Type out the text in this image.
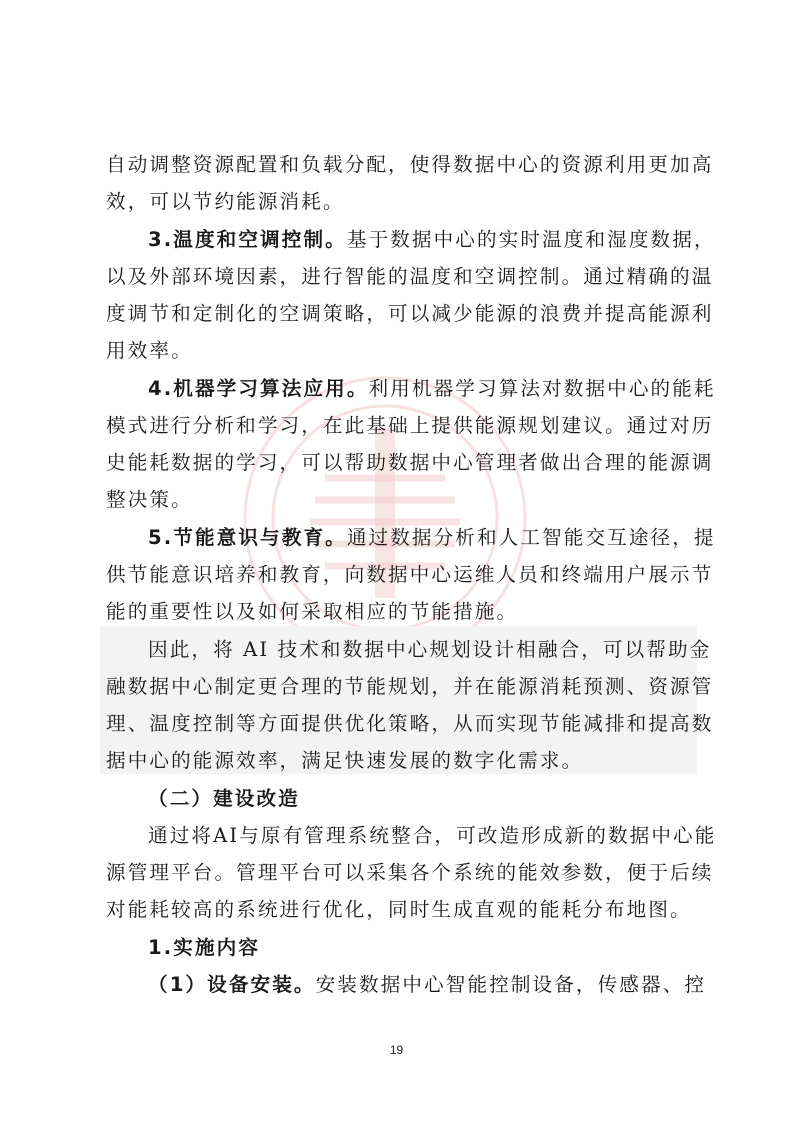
自动调整资源配置和负载分配，使得数据中心的资源利用更加高
效，可以节约能源消耗。
3.温度和空调控制。基于数据中心的实时温度和湿度数据，
以及外部环境因素，进行智能的温度和空调控制。通过精确的温
度调节和定制化的空调策略，可以减少能源的浪费并提高能源利
用效率。
4.机器学习算法应用。利用机器学习算法对数据中心的能耗
模式进行分析和学习，在此基础上提供能源规划建议。通过对历
史能耗数据的学习，可以帮助数据中心管理者做出合理的能源调
整决策。
5.节能意识与教育。通过数据分析和人工智能交互途径，提
供节能意识培养和教育，向数据中心运维人员和终端用户展示节
能的重要性以及如何采取相应的节能措施。
因此，将 AI 技术和数据中心规划设计相融合，可以帮助金
融数据中心制定更合理的节能规划，并在能源消耗预测、资源管
理、温度控制等方面提供优化策略，从而实现节能减排和提高数
据中心的能源效率，满足快速发展的数字化需求。
（二）建设改造
通过将AI与原有管理系统整合，可改造形成新的数据中心能
源管理平台。管理平台可以采集各个系统的能效参数，便于后续
对能耗较高的系统进行优化，同时生成直观的能耗分布地图。
1.实施内容
（1）设备安装。安装数据中心智能控制设备，传感器、控
19
